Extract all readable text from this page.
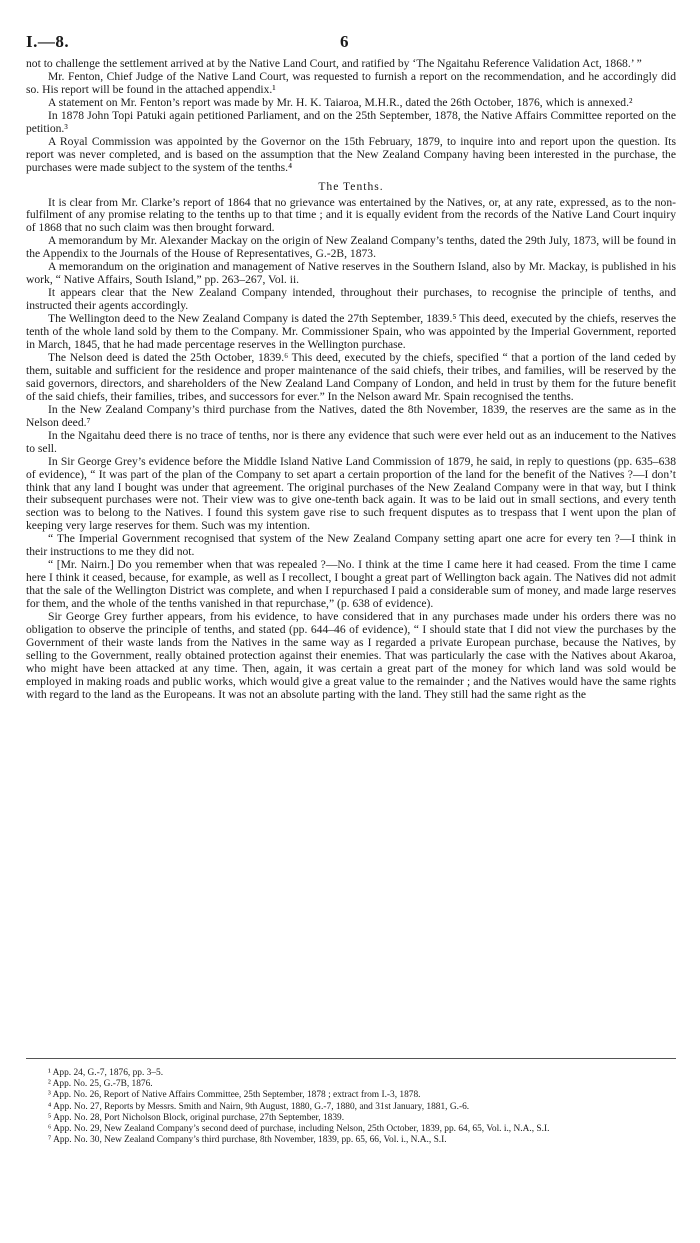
I.—8.	6

not to challenge the settlement arrived at by the Native Land Court, and ratified by ‘The Ngaitahu Reference Validation Act, 1868.’ ”

Mr. Fenton, Chief Judge of the Native Land Court, was requested to furnish a report on the recommendation, and he accordingly did so. His report will be found in the attached appendix.¹

A statement on Mr. Fenton’s report was made by Mr. H. K. Taiaroa, M.H.R., dated the 26th October, 1876, which is annexed.²

In 1878 John Topi Patuki again petitioned Parliament, and on the 25th September, 1878, the Native Affairs Committee reported on the petition.³

A Royal Commission was appointed by the Governor on the 15th February, 1879, to inquire into and report upon the question. Its report was never completed, and is based on the assumption that the New Zealand Company having been interested in the purchase, the purchases were made subject to the system of the tenths.⁴

The Tenths.

It is clear from Mr. Clarke’s report of 1864 that no grievance was entertained by the Natives, or, at any rate, expressed, as to the non-fulfilment of any promise relating to the tenths up to that time ; and it is equally evident from the records of the Native Land Court inquiry of 1868 that no such claim was then brought forward.

A memorandum by Mr. Alexander Mackay on the origin of New Zealand Company’s tenths, dated the 29th July, 1873, will be found in the Appendix to the Journals of the House of Representatives, G.-2B, 1873.

A memorandum on the origination and management of Native reserves in the Southern Island, also by Mr. Mackay, is published in his work, “ Native Affairs, South Island,” pp. 263–267, Vol. ii.

It appears clear that the New Zealand Company intended, throughout their purchases, to recognise the principle of tenths, and instructed their agents accordingly.

The Wellington deed to the New Zealand Company is dated the 27th September, 1839.⁵ This deed, executed by the chiefs, reserves the tenth of the whole land sold by them to the Company. Mr. Commissioner Spain, who was appointed by the Imperial Government, reported in March, 1845, that he had made percentage reserves in the Wellington purchase.

The Nelson deed is dated the 25th October, 1839.⁶ This deed, executed by the chiefs, specified “ that a portion of the land ceded by them, suitable and sufficient for the residence and proper maintenance of the said chiefs, their tribes, and families, will be reserved by the said governors, directors, and shareholders of the New Zealand Land Company of London, and held in trust by them for the future benefit of the said chiefs, their families, tribes, and successors for ever.” In the Nelson award Mr. Spain recognised the tenths.

In the New Zealand Company’s third purchase from the Natives, dated the 8th November, 1839, the reserves are the same as in the Nelson deed.⁷

In the Ngaitahu deed there is no trace of tenths, nor is there any evidence that such were ever held out as an inducement to the Natives to sell.

In Sir George Grey’s evidence before the Middle Island Native Land Commission of 1879, he said, in reply to questions (pp. 635–638 of evidence), “ It was part of the plan of the Company to set apart a certain proportion of the land for the benefit of the Natives ?—I don’t think that any land I bought was under that agreement. The original purchases of the New Zealand Company were in that way, but I think their subsequent purchases were not. Their view was to give one-tenth back again. It was to be laid out in small sections, and every tenth section was to belong to the Natives. I found this system gave rise to such frequent disputes as to trespass that I went upon the plan of keeping very large reserves for them. Such was my intention.

“ The Imperial Government recognised that system of the New Zealand Company setting apart one acre for every ten ?—I think in their instructions to me they did not.

“ [Mr. Nairn.] Do you remember when that was repealed ?—No. I think at the time I came here it had ceased. From the time I came here I think it ceased, because, for example, as well as I recollect, I bought a great part of Wellington back again. The Natives did not admit that the sale of the Wellington District was complete, and when I repurchased I paid a considerable sum of money, and made large reserves for them, and the whole of the tenths vanished in that repurchase,” (p. 638 of evidence).

Sir George Grey further appears, from his evidence, to have considered that in any purchases made under his orders there was no obligation to observe the principle of tenths, and stated (pp. 644–46 of evidence), “ I should state that I did not view the purchases by the Government of their waste lands from the Natives in the same way as I regarded a private European purchase, because the Natives, by selling to the Government, really obtained protection against their enemies. That was particularly the case with the Natives about Akaroa, who might have been attacked at any time. Then, again, it was certain a great part of the money for which land was sold would be employed in making roads and public works, which would give a great value to the remainder ; and the Natives would have the same rights with regard to the land as the Europeans. It was not an absolute parting with the land. They still had the same right as the

¹ App. 24, G.-7, 1876, pp. 3–5.

² App. No. 25, G.-7B, 1876.

³ App. No. 26, Report of Native Affairs Committee, 25th September, 1878 ; extract from I.-3, 1878.

⁴ App. No. 27, Reports by Messrs. Smith and Nairn, 9th August, 1880, G.-7, 1880, and 31st January, 1881, G.-6.

⁵ App. No. 28, Port Nicholson Block, original purchase, 27th September, 1839.

⁶ App. No. 29, New Zealand Company’s second deed of purchase, including Nelson, 25th October, 1839, pp. 64, 65, Vol. i., N.A., S.I.

⁷ App. No. 30, New Zealand Company’s third purchase, 8th November, 1839, pp. 65, 66, Vol. i., N.A., S.I.
